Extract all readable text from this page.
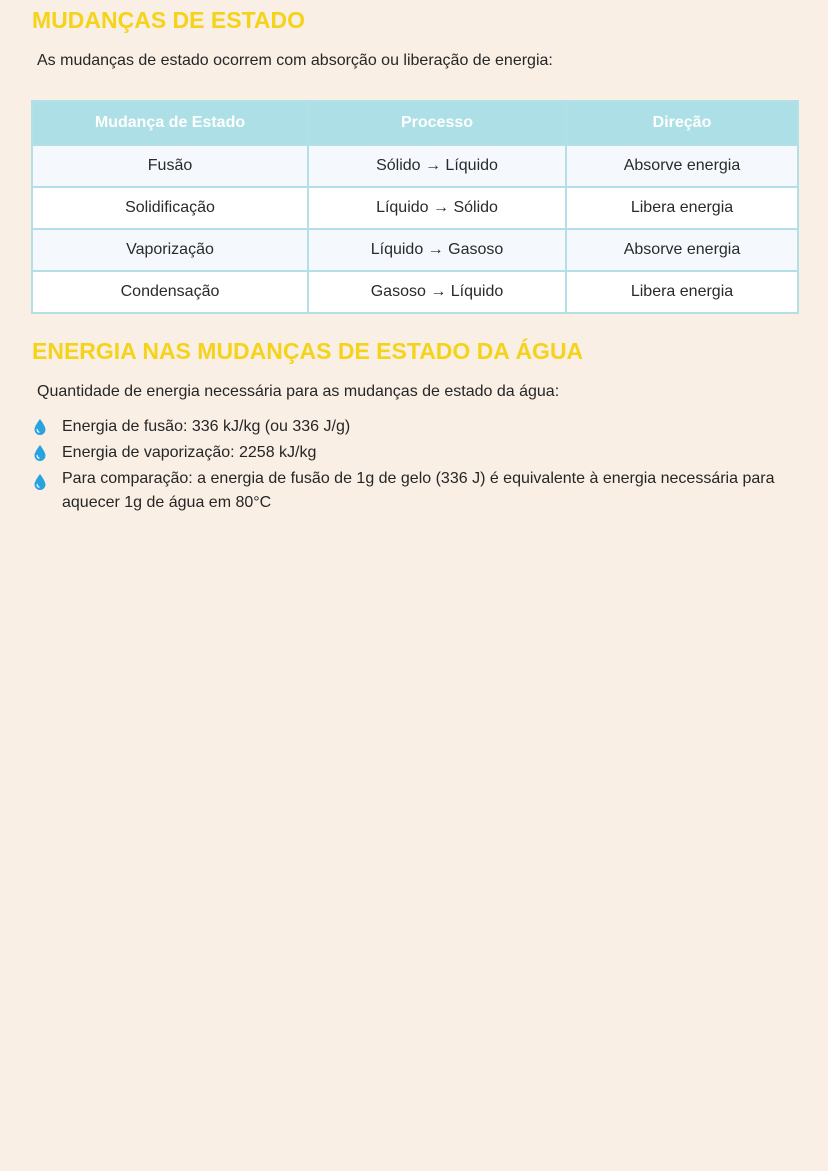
MUDANÇAS DE ESTADO

As mudanças de estado ocorrem com absorção ou liberação de energia:

Mudança de Estado	Processo	Direção
Fusão	Sólido → Líquido	Absorve energia
Solidificação	Líquido → Sólido	Libera energia
Vaporização	Líquido → Gasoso	Absorve energia
Condensação	Gasoso → Líquido	Libera energia
ENERGIA NAS MUDANÇAS DE ESTADO DA ÁGUA

Quantidade de energia necessária para as mudanças de estado da água:

Energia de fusão: 336 kJ/kg (ou 336 J/g)
Energia de vaporização: 2258 kJ/kg
Para comparação: a energia de fusão de 1g de gelo (336 J) é equivalente à energia necessária para aquecer 1g de água em 80°C
